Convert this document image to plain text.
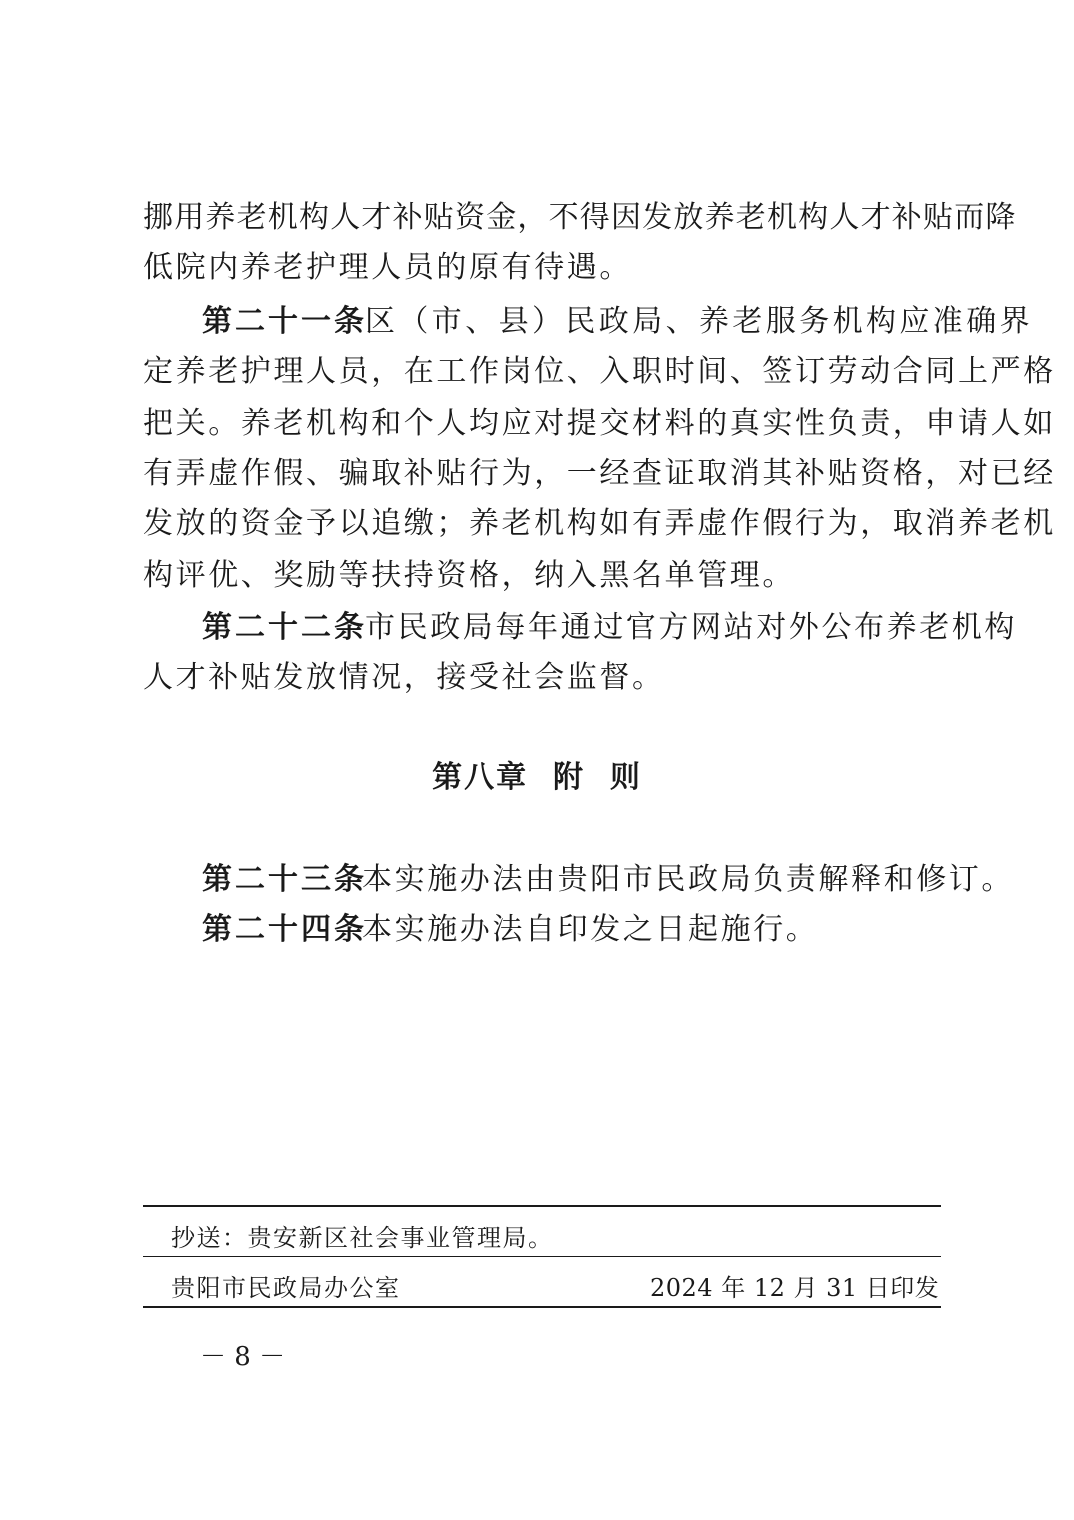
挪用养老机构人才补贴资金，不得因发放养老机构人才补贴而降
低院内养老护理人员的原有待遇。
第二十一条
区（市、县）民政局、养老服务机构应准确界
定养老护理人员，在工作岗位、入职时间、签订劳动合同上严格
把关。养老机构和个人均应对提交材料的真实性负责，申请人如
有弄虚作假、骗取补贴行为，一经查证取消其补贴资格，对已经
发放的资金予以追缴；养老机构如有弄虚作假行为，取消养老机
构评优、奖励等扶持资格，纳入黑名单管理。
第二十二条
市民政局每年通过官方网站对外公布养老机构
人才补贴发放情况，接受社会监督。
第八章  附  则
第二十三条
本实施办法由贵阳市民政局负责解释和修订。
第二十四条
本实施办法自印发之日起施行。
抄送：贵安新区社会事业管理局。
贵阳市民政局办公室	2024 年 12 月 31 日印发
－ 8 －
